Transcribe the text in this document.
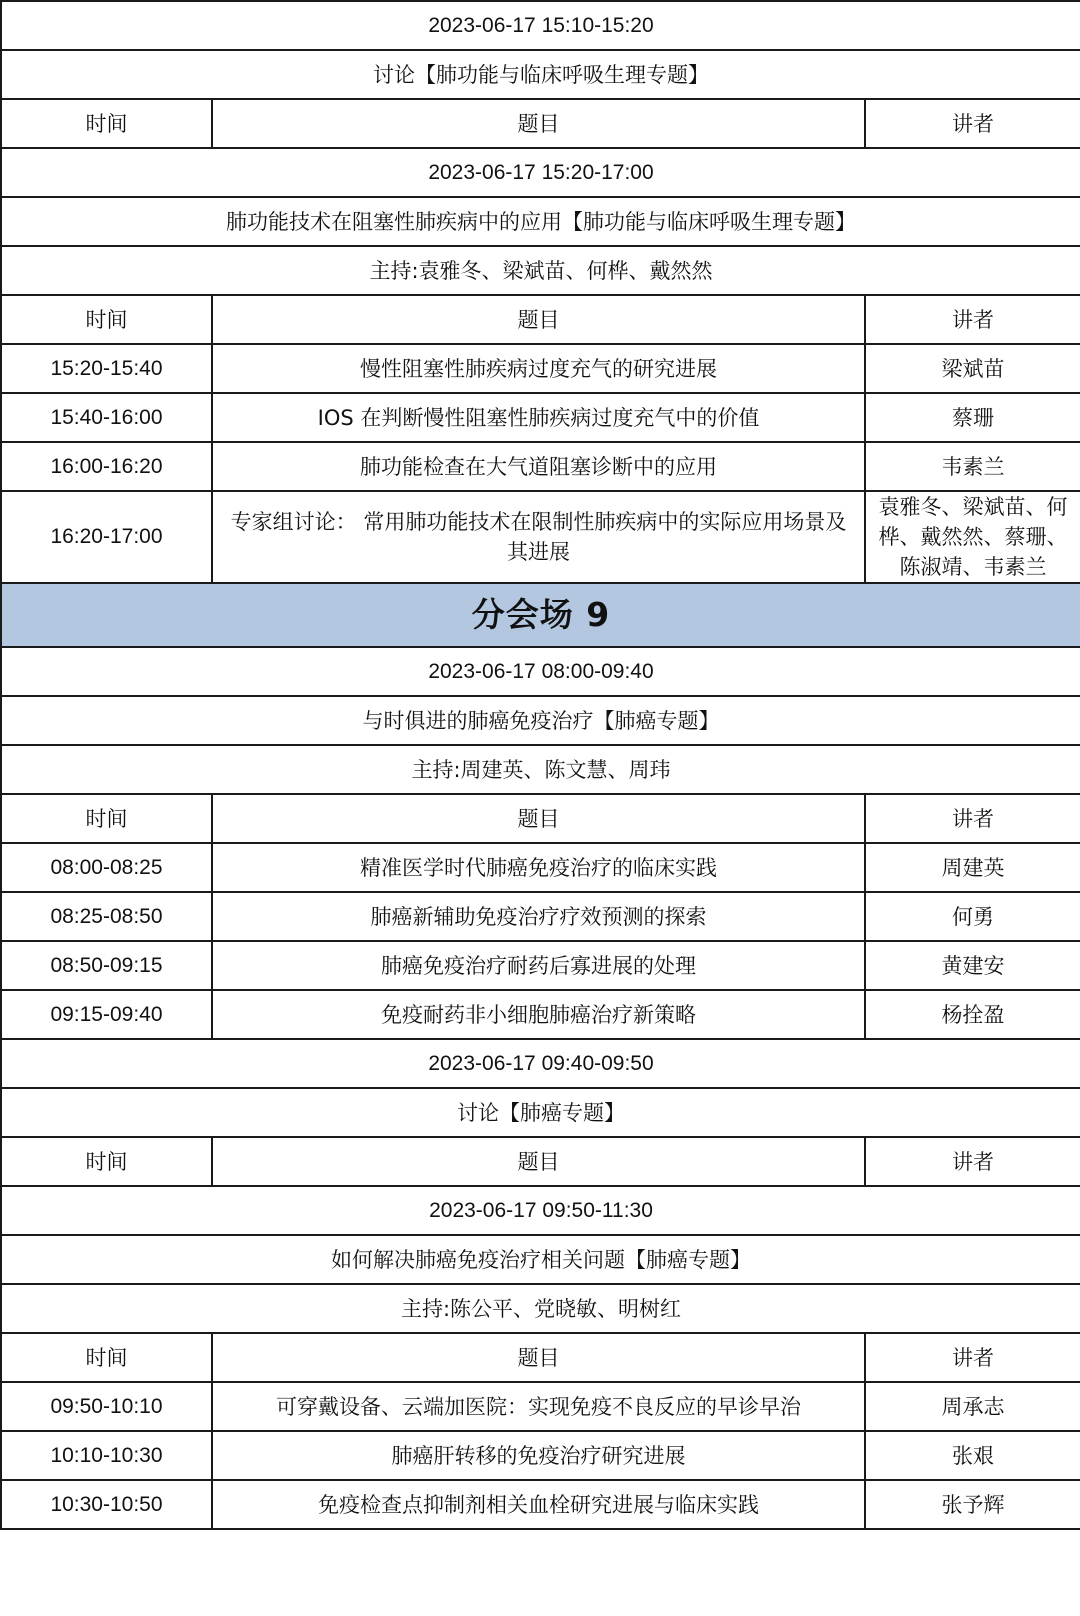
2023-06-17 15:10-15:20		
讨论【肺功能与临床呼吸生理专题】		
时间	题目	讲者
2023-06-17 15:20-17:00		
肺功能技术在阻塞性肺疾病中的应用【肺功能与临床呼吸生理专题】		
主持:袁雅冬、梁斌苗、何桦、戴然然		
时间	题目	讲者
15:20-15:40	慢性阻塞性肺疾病过度充气的研究进展	梁斌苗
15:40-16:00	IOS 在判断慢性阻塞性肺疾病过度充气中的价值	蔡珊
16:00-16:20	肺功能检查在大气道阻塞诊断中的应用	韦素兰
16:20-17:00	专家组讨论： 常用肺功能技术在限制性肺疾病中的实际应用场景及其进展	袁雅冬、梁斌苗、何桦、戴然然、蔡珊、陈淑靖、韦素兰
分会场 9		
2023-06-17 08:00-09:40		
与时俱进的肺癌免疫治疗【肺癌专题】		
主持:周建英、陈文慧、周玮		
时间	题目	讲者
08:00-08:25	精准医学时代肺癌免疫治疗的临床实践	周建英
08:25-08:50	肺癌新辅助免疫治疗疗效预测的探索	何勇
08:50-09:15	肺癌免疫治疗耐药后寡进展的处理	黄建安
09:15-09:40	免疫耐药非小细胞肺癌治疗新策略	杨拴盈
2023-06-17 09:40-09:50		
讨论【肺癌专题】		
时间	题目	讲者
2023-06-17 09:50-11:30		
如何解决肺癌免疫治疗相关问题【肺癌专题】		
主持:陈公平、党晓敏、明树红		
时间	题目	讲者
09:50-10:10	可穿戴设备、云端加医院：实现免疫不良反应的早诊早治	周承志
10:10-10:30	肺癌肝转移的免疫治疗研究进展	张艰
10:30-10:50	免疫检查点抑制剂相关血栓研究进展与临床实践	张予辉
